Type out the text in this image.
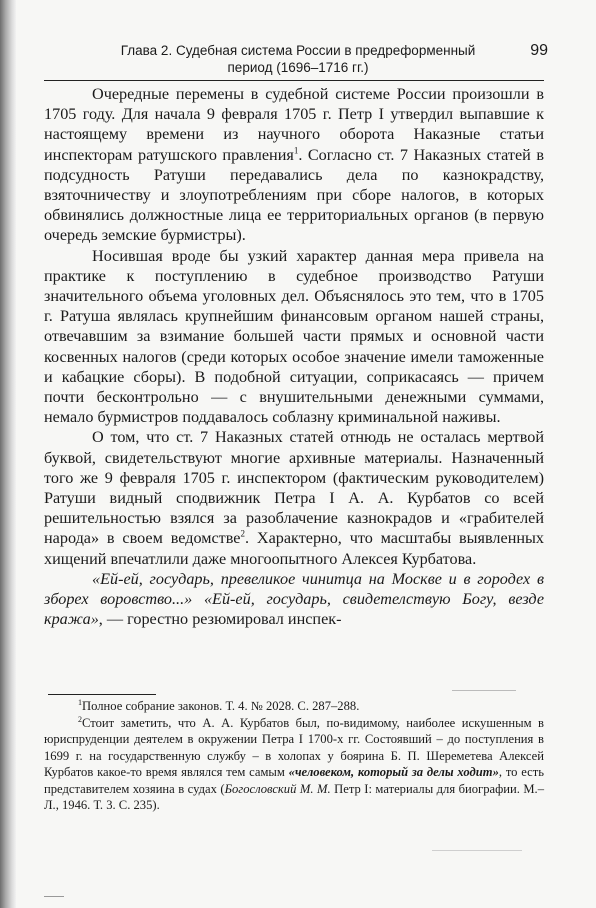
Глава 2. Судебная система России в предреформенный
период (1696–1716 гг.)
99

Очередные перемены в судебной системе России произошли в 1705 году. Для начала 9 февраля 1705 г. Петр I утвердил выпавшие к настоящему времени из научного оборота Наказные статьи инспекторам ратушского правления$^1$. Согласно ст. 7 Наказных статей в подсудность Ратуши передавались дела по казнокрадству, взяточничеству и злоупотреблениям при сборе налогов, в которых обвинялись должностные лица ее территориальных органов (в первую очередь земские бурмистры).

Носившая вроде бы узкий характер данная мера привела на практике к поступлению в судебное производство Ратуши значительного объема уголовных дел. Объяснялось это тем, что в 1705 г. Ратуша являлась крупнейшим финансовым органом нашей страны, отвечавшим за взимание большей части прямых и основной части косвенных налогов (среди которых особое значение имели таможенные и кабацкие сборы). В подобной ситуации, соприкасаясь — причем почти бесконтрольно — с внушительными денежными суммами, немало бурмистров поддавалось соблазну криминальной наживы.

О том, что ст. 7 Наказных статей отнюдь не осталась мертвой буквой, свидетельствуют многие архивные материалы. Назначенный того же 9 февраля 1705 г. инспектором (фактическим руководителем) Ратуши видный сподвижник Петра I А. А. Курбатов со всей решительностью взялся за разоблачение казнокрадов и «грабителей народа» в своем ведомстве$^2$. Характерно, что масштабы выявленных хищений впечатлили даже многоопытного Алексея Курбатова.

«Ей-ей, государь, превеликое чинитца на Москве и в городех в зборех воровство...» «Ей-ей, государь, свидетелствую Богу, везде кража», — горестно резюмировал инспек-

$^1$Полное собрание законов. Т. 4. № 2028. С. 287–288.

$^2$Стоит заметить, что А. А. Курбатов был, по-видимому, наиболее искушенным в юриспруденции деятелем в окружении Петра I 1700-х гг. Состоявший – до поступления в 1699 г. на государственную службу – в холопах у боярина Б. П. Шереметева Алексей Курбатов какое-то время являлся тем самым «человеком, который за делы ходит», то есть представителем хозяина в судах (Богословский М. М. Петр I: материалы для биографии. М.–Л., 1946. Т. 3. С. 235).
